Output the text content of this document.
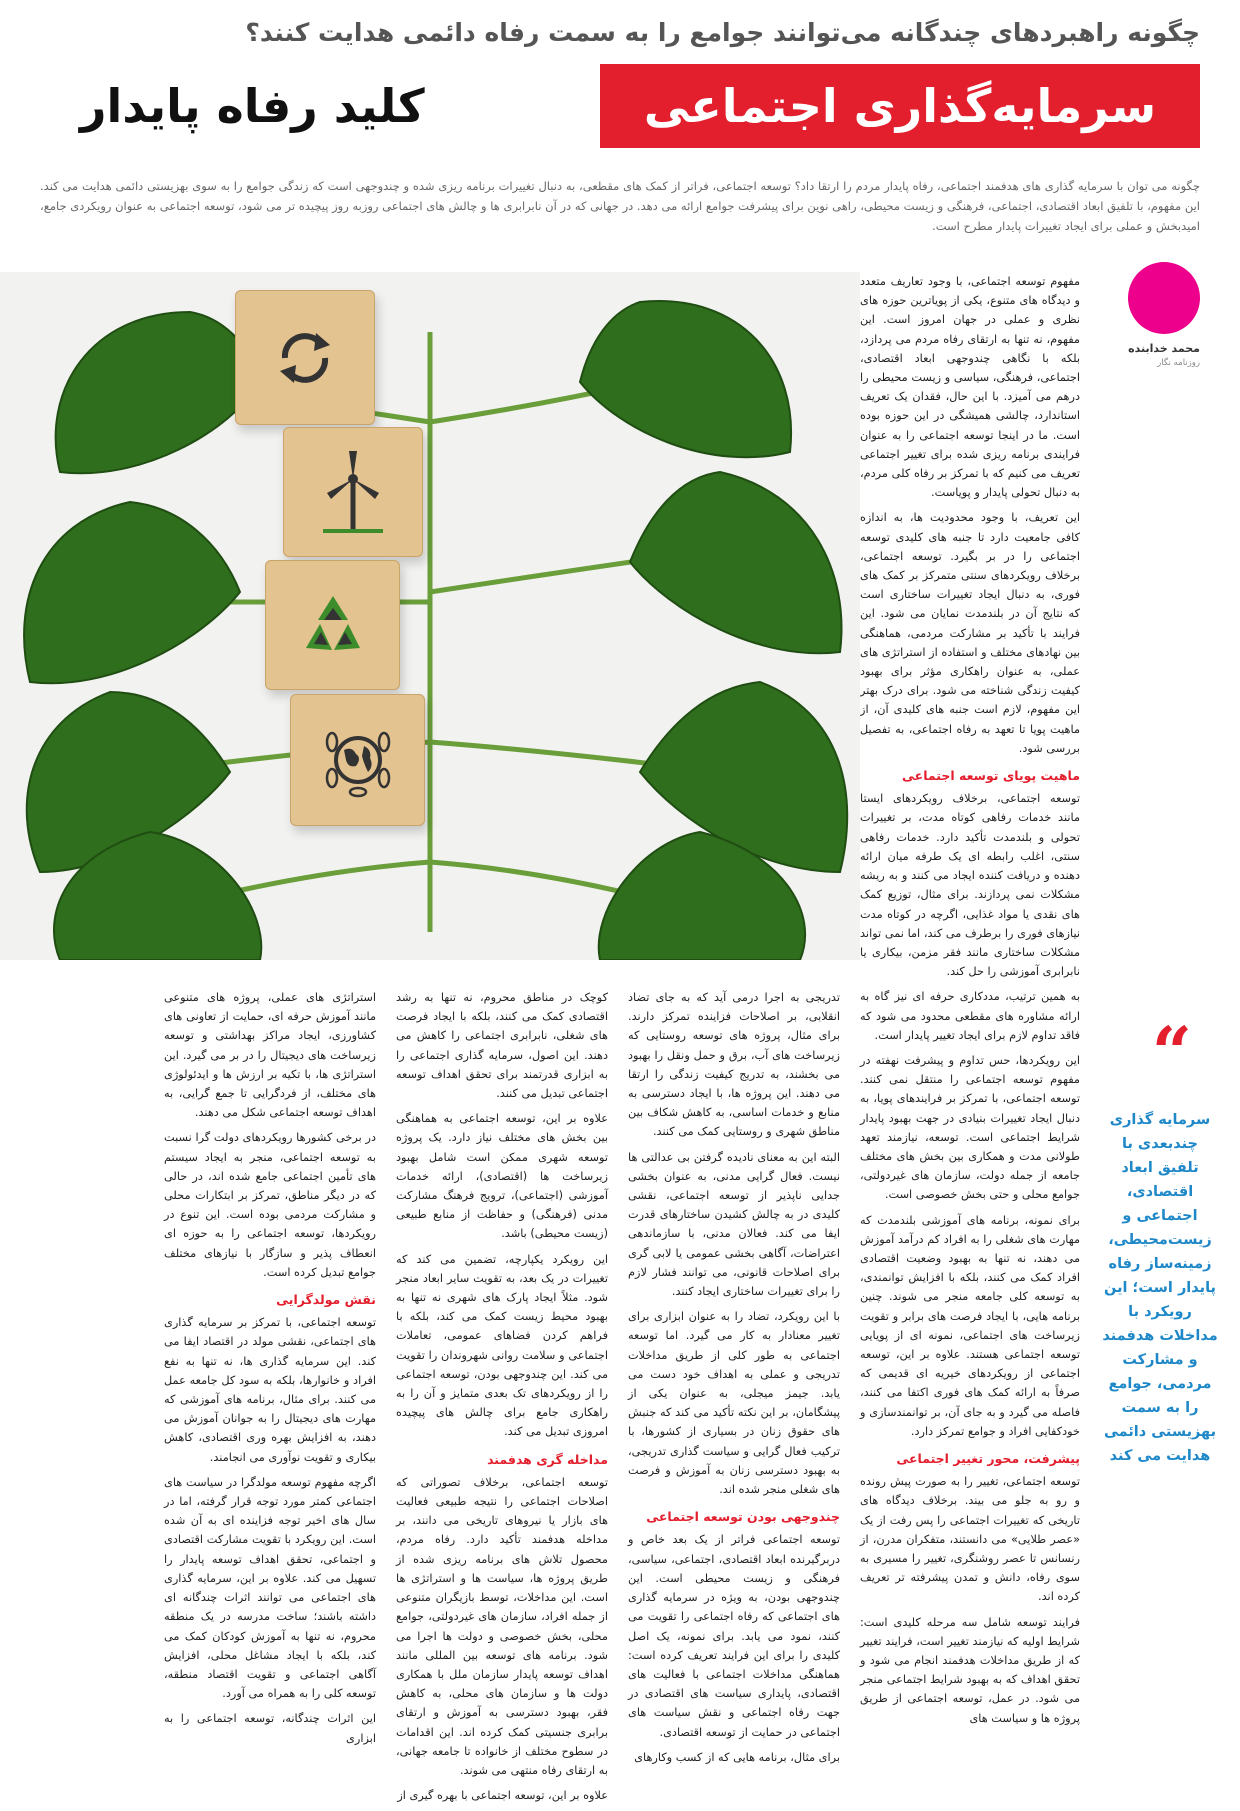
چگونه راهبردهای چندگانه می‌توانند جوامع را به سمت رفاه دائمی هدایت کنند؟
سرمایه‌گذاری اجتماعی
کلید رفاه پایدار
چگونه می توان با سرمایه گذاری های هدفمند اجتماعی، رفاه پایدار مردم را ارتقا داد؟ توسعه اجتماعی، فراتر از کمک های مقطعی، به دنبال تغییرات برنامه ریزی شده و چندوجهی است که زندگی جوامع را به سوی بهزیستی دائمی هدایت می کند. این مفهوم، با تلفیق ابعاد اقتصادی، اجتماعی، فرهنگی و زیست محیطی، راهی نوین برای پیشرفت جوامع ارائه می دهد. در جهانی که در آن نابرابری ها و چالش های اجتماعی روزبه روز پیچیده تر می شود، توسعه اجتماعی به عنوان رویکردی جامع، امیدبخش و عملی برای ایجاد تغییرات پایدار مطرح است.
محمد خدابنده
روزنامه نگار

مفهوم توسعه اجتماعی، با وجود تعاریف متعدد و دیدگاه های متنوع، یکی از پویاترین حوزه های نظری و عملی در جهان امروز است. این مفهوم، نه تنها به ارتقای رفاه مردم می پردازد، بلکه با نگاهی چندوجهی ابعاد اقتصادی، اجتماعی، فرهنگی، سیاسی و زیست محیطی را درهم می آمیزد. با این حال، فقدان یک تعریف استاندارد، چالشی همیشگی در این حوزه بوده است. ما در اینجا توسعه اجتماعی را به عنوان فرایندی برنامه ریزی شده برای تغییر اجتماعی تعریف می کنیم که با تمرکز بر رفاه کلی مردم، به دنبال تحولی پایدار و پویاست.

این تعریف، با وجود محدودیت ها، به اندازه کافی جامعیت دارد تا جنبه های کلیدی توسعه اجتماعی را در بر بگیرد. توسعه اجتماعی، برخلاف رویکردهای سنتی متمرکز بر کمک های فوری، به دنبال ایجاد تغییرات ساختاری است که نتایج آن در بلندمدت نمایان می شود. این فرایند با تأکید بر مشارکت مردمی، هماهنگی بین نهادهای مختلف و استفاده از استراتژی های عملی، به عنوان راهکاری مؤثر برای بهبود کیفیت زندگی شناخته می شود. برای درک بهتر این مفهوم، لازم است جنبه های کلیدی آن، از ماهیت پویا تا تعهد به رفاه اجتماعی، به تفصیل بررسی شود.

ماهیت پویای توسعه اجتماعی

توسعه اجتماعی، برخلاف رویکردهای ایستا مانند خدمات رفاهی کوتاه مدت، بر تغییرات تحولی و بلندمدت تأکید دارد. خدمات رفاهی سنتی، اغلب رابطه ای یک طرفه میان ارائه دهنده و دریافت کننده ایجاد می کنند و به ریشه مشکلات نمی پردازند. برای مثال، توزیع کمک های نقدی یا مواد غذایی، اگرچه در کوتاه مدت نیازهای فوری را برطرف می کند، اما نمی تواند مشکلات ساختاری مانند فقر مزمن، بیکاری یا نابرابری آموزشی را حل کند.

به همین ترتیب، مددکاری حرفه ای نیز گاه به ارائه مشاوره های مقطعی محدود می شود که فاقد تداوم لازم برای ایجاد تغییر پایدار است.

این رویکردها، حس تداوم و پیشرفت نهفته در مفهوم توسعه اجتماعی را منتقل نمی کنند. توسعه اجتماعی، با تمرکز بر فرایندهای پویا، به دنبال ایجاد تغییرات بنیادی در جهت بهبود پایدار شرایط اجتماعی است. توسعه، نیازمند تعهد طولانی مدت و همکاری بین بخش های مختلف جامعه از جمله دولت، سازمان های غیردولتی، جوامع محلی و حتی بخش خصوصی است.

برای نمونه، برنامه های آموزشی بلندمدت که مهارت های شغلی را به افراد کم درآمد آموزش می دهند، نه تنها به بهبود وضعیت اقتصادی افراد کمک می کنند، بلکه با افزایش توانمندی، به توسعه کلی جامعه منجر می شوند. چنین برنامه هایی، با ایجاد فرصت های برابر و تقویت زیرساخت های اجتماعی، نمونه ای از پویایی توسعه اجتماعی هستند. علاوه بر این، توسعه اجتماعی از رویکردهای خیریه ای قدیمی که صرفاً به ارائه کمک های فوری اکتفا می کنند، فاصله می گیرد و به جای آن، بر توانمندسازی و خودکفایی افراد و جوامع تمرکز دارد.

پیشرفت، محور تغییر اجتماعی

توسعه اجتماعی، تغییر را به صورت پیش رونده و رو به جلو می بیند. برخلاف دیدگاه های تاریخی که تغییرات اجتماعی را پس رفت از یک «عصر طلایی» می دانستند، متفکران مدرن، از رنسانس تا عصر روشنگری، تغییر را مسیری به سوی رفاه، دانش و تمدن پیشرفته تر تعریف کرده اند.

فرایند توسعه شامل سه مرحله کلیدی است: شرایط اولیه که نیازمند تغییر است، فرایند تغییر که از طریق مداخلات هدفمند انجام می شود و تحقق اهداف که به بهبود شرایط اجتماعی منجر می شود. در عمل، توسعه اجتماعی از طریق پروژه ها و سیاست های

“
سرمایه گذاری چندبعدی با تلفیق ابعاد اقتصادی، اجتماعی و زیست‌محیطی، زمینه‌ساز رفاه پایدار است؛ این رویکرد با مداخلات هدفمند و مشارکت مردمی، جوامع را به سمت بهزیستی دائمی هدایت می کند

تدریجی به اجرا درمی آید که به جای تضاد انقلابی، بر اصلاحات فزاینده تمرکز دارند. برای مثال، پروژه های توسعه روستایی که زیرساخت های آب، برق و حمل ونقل را بهبود می بخشند، به تدریج کیفیت زندگی را ارتقا می دهند. این پروژه ها، با ایجاد دسترسی به منابع و خدمات اساسی، به کاهش شکاف بین مناطق شهری و روستایی کمک می کنند.

البته این به معنای نادیده گرفتن بی عدالتی ها نیست. فعال گرایی مدنی، به عنوان بخشی جدایی ناپذیر از توسعه اجتماعی، نقشی کلیدی در به چالش کشیدن ساختارهای قدرت ایفا می کند. فعالان مدنی، با سازماندهی اعتراضات، آگاهی بخشی عمومی یا لابی گری برای اصلاحات قانونی، می توانند فشار لازم را برای تغییرات ساختاری ایجاد کنند.

با این رویکرد، تضاد را به عنوان ابزاری برای تغییر معنادار به کار می گیرد. اما توسعه اجتماعی به طور کلی از طریق مداخلات تدریجی و عملی به اهداف خود دست می یابد. جیمز میجلی، به عنوان یکی از پیشگامان، بر این نکته تأکید می کند که جنبش های حقوق زنان در بسیاری از کشورها، با ترکیب فعال گرایی و سیاست گذاری تدریجی، به بهبود دسترسی زنان به آموزش و فرصت های شغلی منجر شده اند.

چندوجهی بودن توسعه اجتماعی

توسعه اجتماعی فراتر از یک بعد خاص و دربرگیرنده ابعاد اقتصادی، اجتماعی، سیاسی، فرهنگی و زیست محیطی است. این چندوجهی بودن، به ویژه در سرمایه گذاری های اجتماعی که رفاه اجتماعی را تقویت می کنند، نمود می یابد. برای نمونه، یک اصل کلیدی را برای این فرایند تعریف کرده است: هماهنگی مداخلات اجتماعی با فعالیت های اقتصادی، پایداری سیاست های اقتصادی در جهت رفاه اجتماعی و نقش سیاست های اجتماعی در حمایت از توسعه اقتصادی.

برای مثال، برنامه هایی که از کسب وکارهای

کوچک در مناطق محروم، نه تنها به رشد اقتصادی کمک می کنند، بلکه با ایجاد فرصت های شغلی، نابرابری اجتماعی را کاهش می دهند. این اصول، سرمایه گذاری اجتماعی را به ابزاری قدرتمند برای تحقق اهداف توسعه اجتماعی تبدیل می کنند.

علاوه بر این، توسعه اجتماعی به هماهنگی بین بخش های مختلف نیاز دارد. یک پروژه توسعه شهری ممکن است شامل بهبود زیرساخت ها (اقتصادی)، ارائه خدمات آموزشی (اجتماعی)، ترویج فرهنگ مشارکت مدنی (فرهنگی) و حفاظت از منابع طبیعی (زیست محیطی) باشد.

این رویکرد یکپارچه، تضمین می کند که تغییرات در یک بعد، به تقویت سایر ابعاد منجر شود. مثلاً ایجاد پارک های شهری نه تنها به بهبود محیط زیست کمک می کند، بلکه با فراهم کردن فضاهای عمومی، تعاملات اجتماعی و سلامت روانی شهروندان را تقویت می کند. این چندوجهی بودن، توسعه اجتماعی را از رویکردهای تک بعدی متمایز و آن را به راهکاری جامع برای چالش های پیچیده امروزی تبدیل می کند.

مداخله گری هدفمند

توسعه اجتماعی، برخلاف تصوراتی که اصلاحات اجتماعی را نتیجه طبیعی فعالیت های بازار یا نیروهای تاریخی می دانند، بر مداخله هدفمند تأکید دارد. رفاه مردم، محصول تلاش های برنامه ریزی شده از طریق پروژه ها، سیاست ها و استراتژی ها است. این مداخلات، توسط بازیگران متنوعی از جمله افراد، سازمان های غیردولتی، جوامع محلی، بخش خصوصی و دولت ها اجرا می شود. برنامه های توسعه بین المللی مانند اهداف توسعه پایدار سازمان ملل با همکاری دولت ها و سازمان های محلی، به کاهش فقر، بهبود دسترسی به آموزش و ارتقای برابری جنسیتی کمک کرده اند. این اقدامات در سطوح مختلف از خانواده تا جامعه جهانی، به ارتقای رفاه منتهی می شوند.

علاوه بر این، توسعه اجتماعی با بهره گیری از

استراتژی های عملی، پروژه های متنوعی مانند آموزش حرفه ای، حمایت از تعاونی های کشاورزی، ایجاد مراکز بهداشتی و توسعه زیرساخت های دیجیتال را در بر می گیرد. این استراتژی ها، با تکیه بر ارزش ها و ایدئولوژی های مختلف، از فردگرایی تا جمع گرایی، به اهداف توسعه اجتماعی شکل می دهند.

در برخی کشورها رویکردهای دولت گرا نسبت به توسعه اجتماعی، منجر به ایجاد سیستم های تأمین اجتماعی جامع شده اند، در حالی که در دیگر مناطق، تمرکز بر ابتکارات محلی و مشارکت مردمی بوده است. این تنوع در رویکردها، توسعه اجتماعی را به حوزه ای انعطاف پذیر و سازگار با نیازهای مختلف جوامع تبدیل کرده است.

نقش مولدگرایی

توسعه اجتماعی، با تمرکز بر سرمایه گذاری های اجتماعی، نقشی مولد در اقتصاد ایفا می کند. این سرمایه گذاری ها، نه تنها به نفع افراد و خانوارها، بلکه به سود کل جامعه عمل می کنند. برای مثال، برنامه های آموزشی که مهارت های دیجیتال را به جوانان آموزش می دهند، به افزایش بهره وری اقتصادی، کاهش بیکاری و تقویت نوآوری می انجامند.

اگرچه مفهوم توسعه مولدگرا در سیاست های اجتماعی کمتر مورد توجه قرار گرفته، اما در سال های اخیر توجه فزاینده ای به آن شده است. این رویکرد با تقویت مشارکت اقتصادی و اجتماعی، تحقق اهداف توسعه پایدار را تسهیل می کند. علاوه بر این، سرمایه گذاری های اجتماعی می توانند اثرات چندگانه ای داشته باشند؛ ساخت مدرسه در یک منطقه محروم، نه تنها به آموزش کودکان کمک می کند، بلکه با ایجاد مشاغل محلی، افزایش آگاهی اجتماعی و تقویت اقتصاد منطقه، توسعه کلی را به همراه می آورد.

این اثرات چندگانه، توسعه اجتماعی را به ابزاری
